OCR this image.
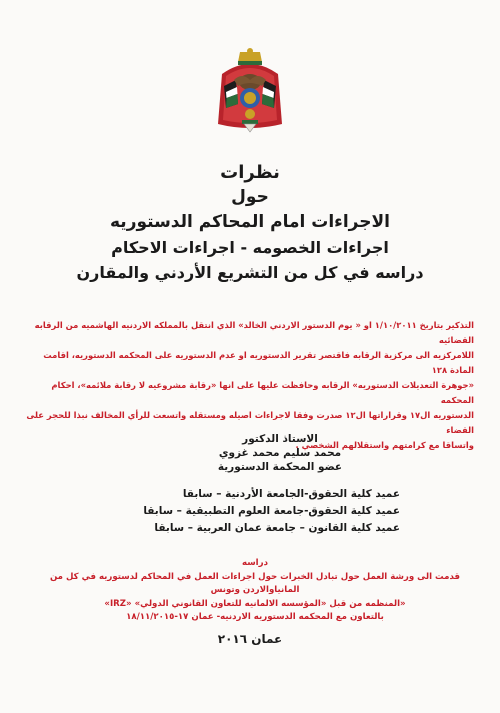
نظرات
حول
الاجراءات امام المحاكم الدستوريه
اجراءات الخصومه - اجراءات الاحكام
دراسه في كل من التشريع الأردني والمقارن
التذكير بتاريخ ١/١٠/٢٠١١ او « يوم الدستور الاردني الخالد» الذي انتقل بالمملكه الاردنيه الهاشميه من الرقابه القضائيه
اللامركزيه الى مركزية الرقابه فاقتصر تقرير الدستوريه او عدم الدستوريه على المحكمه الدستوريه، اقامت المادة ١٢٨
«جوهرة التعديلات الدستوريه» الرقابه وحافظت عليها على انها «رقابة مشروعيه لا رقابة ملائمه»، احكام المحكمه
الدستوريه ال١٧ وقراراتها ال١٢ صدرت وفقا لاجراءات اصيله ومستقله واتسعت للرأي المخالف نبذا للحجر على القضاء
واتساقا مع كرامتهم واستقلالهم الشخصي .
الاستاذ الدكتور
محمد سليم محمد غزوي
عضو المحكمة الدستورية
عميد كلية الحقوق-الجامعة الأردنية – سابقا
عميد كلية الحقوق-جامعة العلوم التطبيقية – سابقا
عميد كلية القانون – جامعة عمان العربية – سابقا
دراسه
قدمت الى ورشة العمل حول تبادل الخبرات حول اجراءات العمل في المحاكم لدستوريه في كل من المانياوالاردن وتونس
«المنظمه من قبل «المؤسسه الالمانيه للتعاون القانوني الدولي» «IRZ»
بالتعاون مع المحكمه الدستوريه الاردنيه- عمان ١٧-١٨/١١/٢٠١٥
عمان ٢٠١٦
